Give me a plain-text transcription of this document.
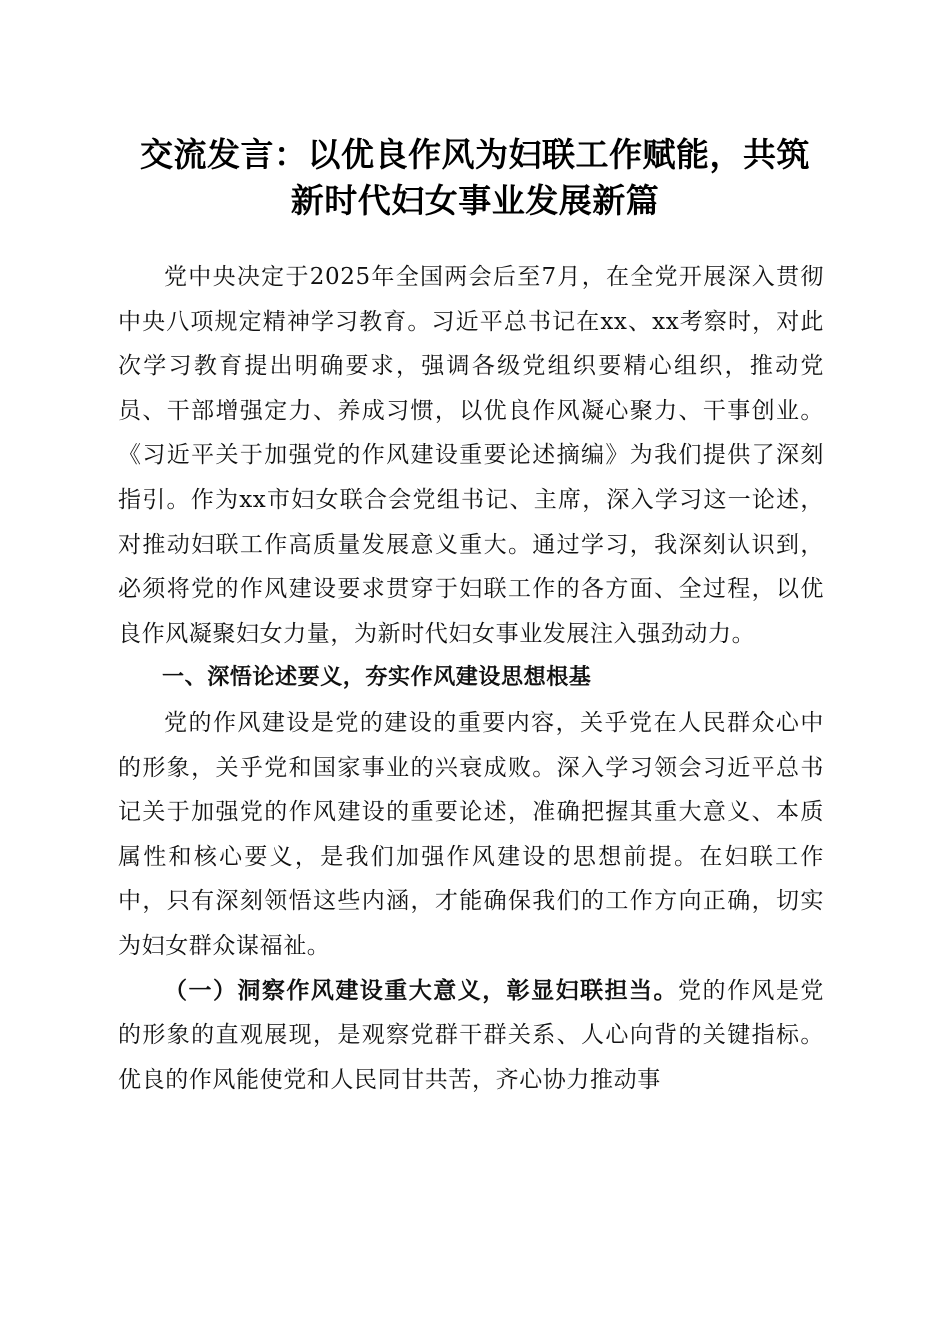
交流发言：以优良作风为妇联工作赋能，共筑
新时代妇女事业发展新篇

党中央决定于2025年全国两会后至7月，在全党开展深入贯彻中央八项规定精神学习教育。习近平总书记在xx、xx考察时，对此次学习教育提出明确要求，强调各级党组织要精心组织，推动党员、干部增强定力、养成习惯，以优良作风凝心聚力、干事创业。《习近平关于加强党的作风建设重要论述摘编》为我们提供了深刻指引。作为xx市妇女联合会党组书记、主席，深入学习这一论述，对推动妇联工作高质量发展意义重大。通过学习，我深刻认识到，必须将党的作风建设要求贯穿于妇联工作的各方面、全过程，以优良作风凝聚妇女力量，为新时代妇女事业发展注入强劲动力。

一、深悟论述要义，夯实作风建设思想根基

党的作风建设是党的建设的重要内容，关乎党在人民群众心中的形象，关乎党和国家事业的兴衰成败。深入学习领会习近平总书记关于加强党的作风建设的重要论述，准确把握其重大意义、本质属性和核心要义，是我们加强作风建设的思想前提。在妇联工作中，只有深刻领悟这些内涵，才能确保我们的工作方向正确，切实为妇女群众谋福祉。

（一）洞察作风建设重大意义，彰显妇联担当。党的作风是党的形象的直观展现，是观察党群干群关系、人心向背的关键指标。优良的作风能使党和人民同甘共苦，齐心协力推动事
